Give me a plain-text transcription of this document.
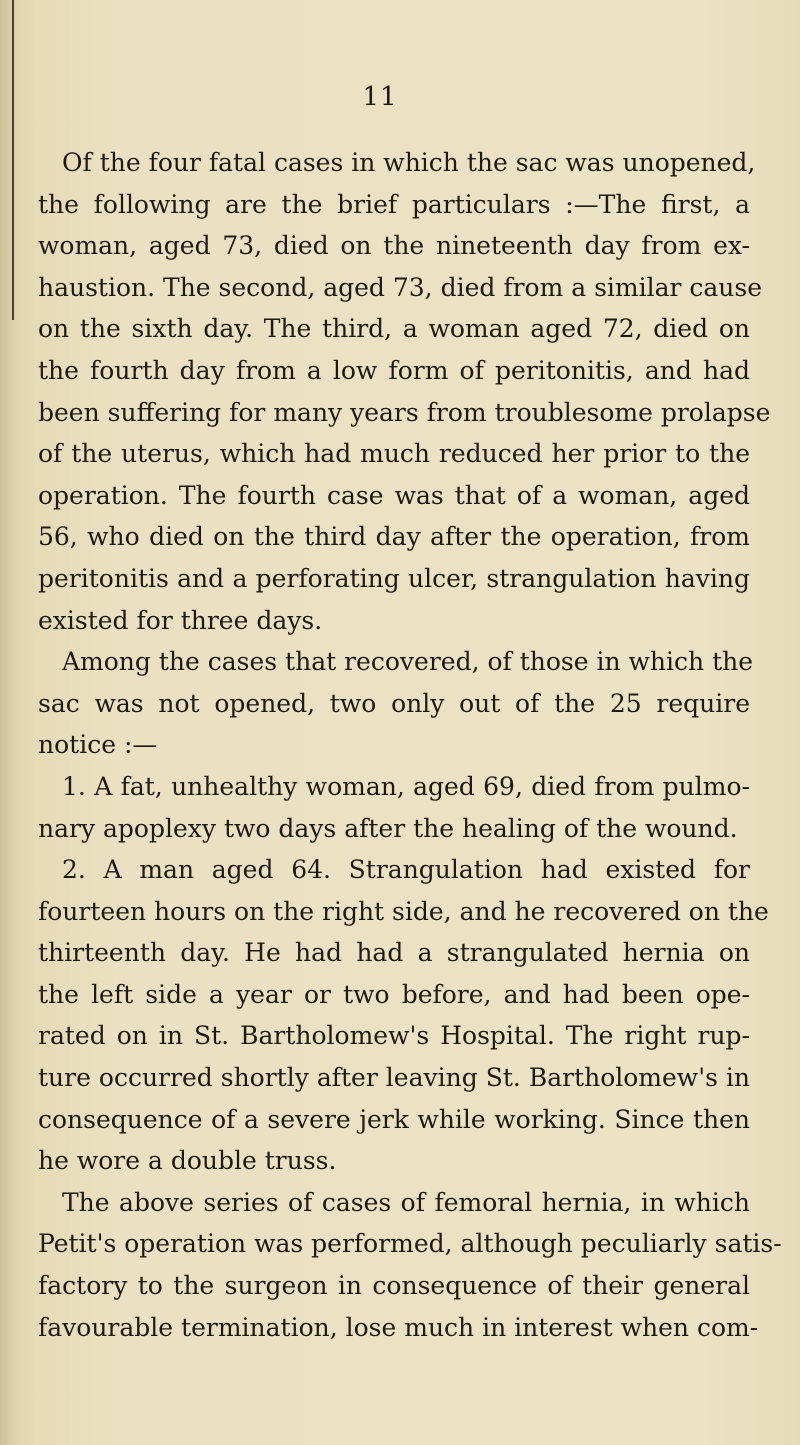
11
Of the four fatal cases in which the sac was unopened,
the following are the brief particulars :—The first, a
woman, aged 73, died on the nineteenth day from ex-
haustion. The second, aged 73, died from a similar cause
on the sixth day. The third, a woman aged 72, died on
the fourth day from a low form of peritonitis, and had
been suffering for many years from troublesome prolapse
of the uterus, which had much reduced her prior to the
operation. The fourth case was that of a woman, aged
56, who died on the third day after the operation, from
peritonitis and a perforating ulcer, strangulation having
existed for three days.
Among the cases that recovered, of those in which the
sac was not opened, two only out of the 25 require
notice :—
1. A fat, unhealthy woman, aged 69, died from pulmo-
nary apoplexy two days after the healing of the wound.
2. A man aged 64. Strangulation had existed for
fourteen hours on the right side, and he recovered on the
thirteenth day. He had had a strangulated hernia on
the left side a year or two before, and had been ope-
rated on in St. Bartholomew's Hospital. The right rup-
ture occurred shortly after leaving St. Bartholomew's in
consequence of a severe jerk while working. Since then
he wore a double truss.
The above series of cases of femoral hernia, in which
Petit's operation was performed, although peculiarly satis-
factory to the surgeon in consequence of their general
favourable termination, lose much in interest when com-
